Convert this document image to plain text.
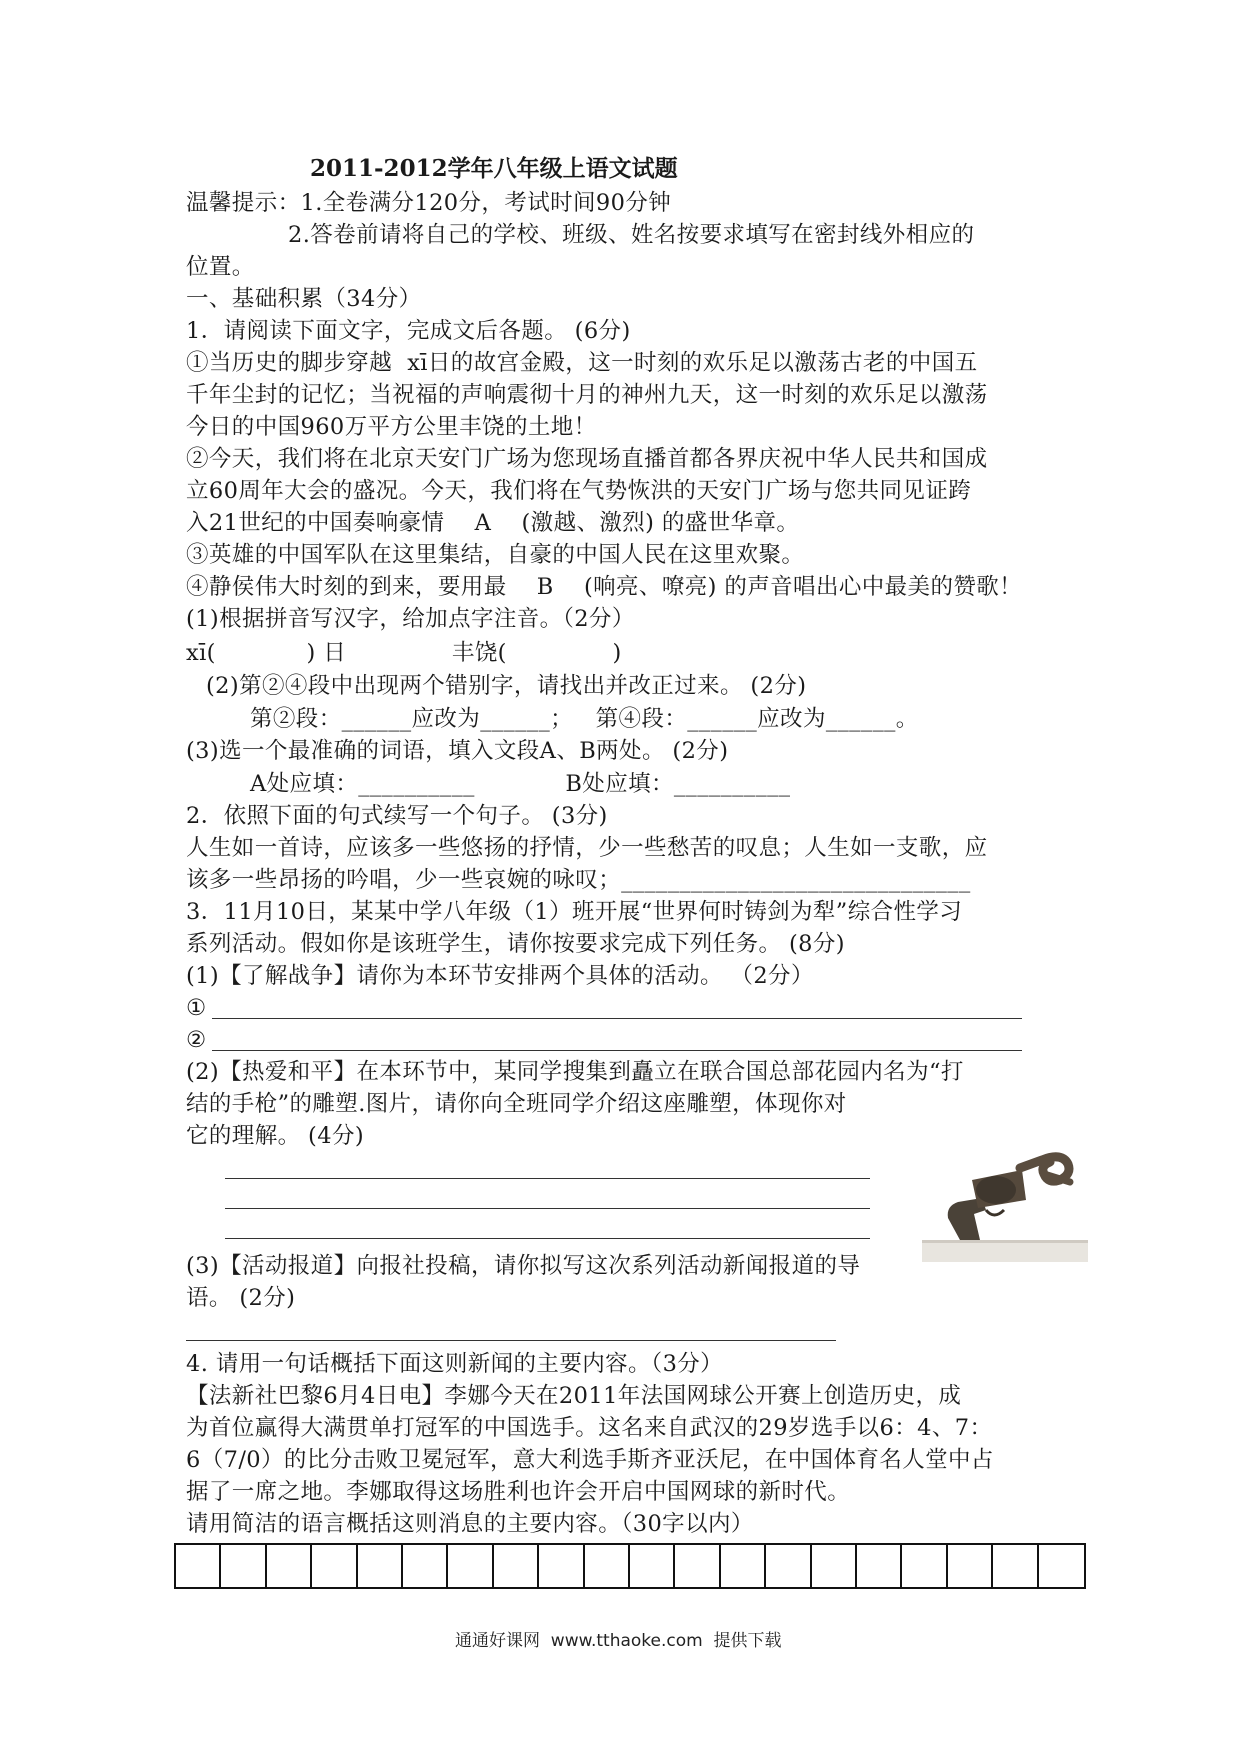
2011-2012学年八年级上语文试题
温馨提示：1.全卷满分120分，考试时间90分钟
2.答卷前请将自己的学校、班级、姓名按要求填写在密封线外相应的
位置。
一、基础积累（34分）
1．请阅读下面文字，完成文后各题。 (6分)
①当历史的脚步穿越  xī日的故宫金殿，这一时刻的欢乐足以激荡古老的中国五
千年尘封的记忆；当祝福的声响震彻十月的神州九天，这一时刻的欢乐足以激荡
今日的中国960万平方公里丰饶的土地！
②今天，我们将在北京天安门广场为您现场直播首都各界庆祝中华人民共和国成
立60周年大会的盛况。今天，我们将在气势恢洪的天安门广场与您共同见证跨
入21世纪的中国奏响豪情    A    (激越、激烈) 的盛世华章。
③英雄的中国军队在这里集结，自豪的中国人民在这里欢聚。
④静侯伟大时刻的到来，要用最    B    (响亮、嘹亮) 的声音唱出心中最美的赞歌！
(1)根据拼音写汉字，给加点字注音。（2分）
xī(            ) 日              丰饶(              )
(2)第②④段中出现两个错别字，请找出并改正过来。 (2分)
第②段：______应改为______；   第④段：______应改为______。
(3)选一个最准确的词语，填入文段A、B两处。 (2分)
A处应填：__________            B处应填：__________
2．依照下面的句式续写一个句子。 (3分)
人生如一首诗，应该多一些悠扬的抒情，少一些愁苦的叹息；人生如一支歌，应
该多一些昂扬的吟唱，少一些哀婉的咏叹；______________________________
3．11月10日，某某中学八年级（1）班开展“世界何时铸剑为犁”综合性学习
系列活动。假如你是该班学生，请你按要求完成下列任务。 (8分)
(1)【了解战争】请你为本环节安排两个具体的活动。 （2分）
①
②
(2)【热爱和平】在本环节中，某同学搜集到矗立在联合国总部花园内名为“打
结的手枪”的雕塑.图片，请你向全班同学介绍这座雕塑，体现你对
它的理解。 (4分)
(3)【活动报道】向报社投稿，请你拟写这次系列活动新闻报道的导
语。 (2分)
4. 请用一句话概括下面这则新闻的主要内容。（3分）
【法新社巴黎6月4日电】李娜今天在2011年法国网球公开赛上创造历史，成
为首位赢得大满贯单打冠军的中国选手。这名来自武汉的29岁选手以6：4、7：
6（7/0）的比分击败卫冕冠军，意大利选手斯齐亚沃尼，在中国体育名人堂中占
据了一席之地。李娜取得这场胜利也许会开启中国网球的新时代。
请用简洁的语言概括这则消息的主要内容。（30字以内）
通通好课网  www.tthaoke.com  提供下载
